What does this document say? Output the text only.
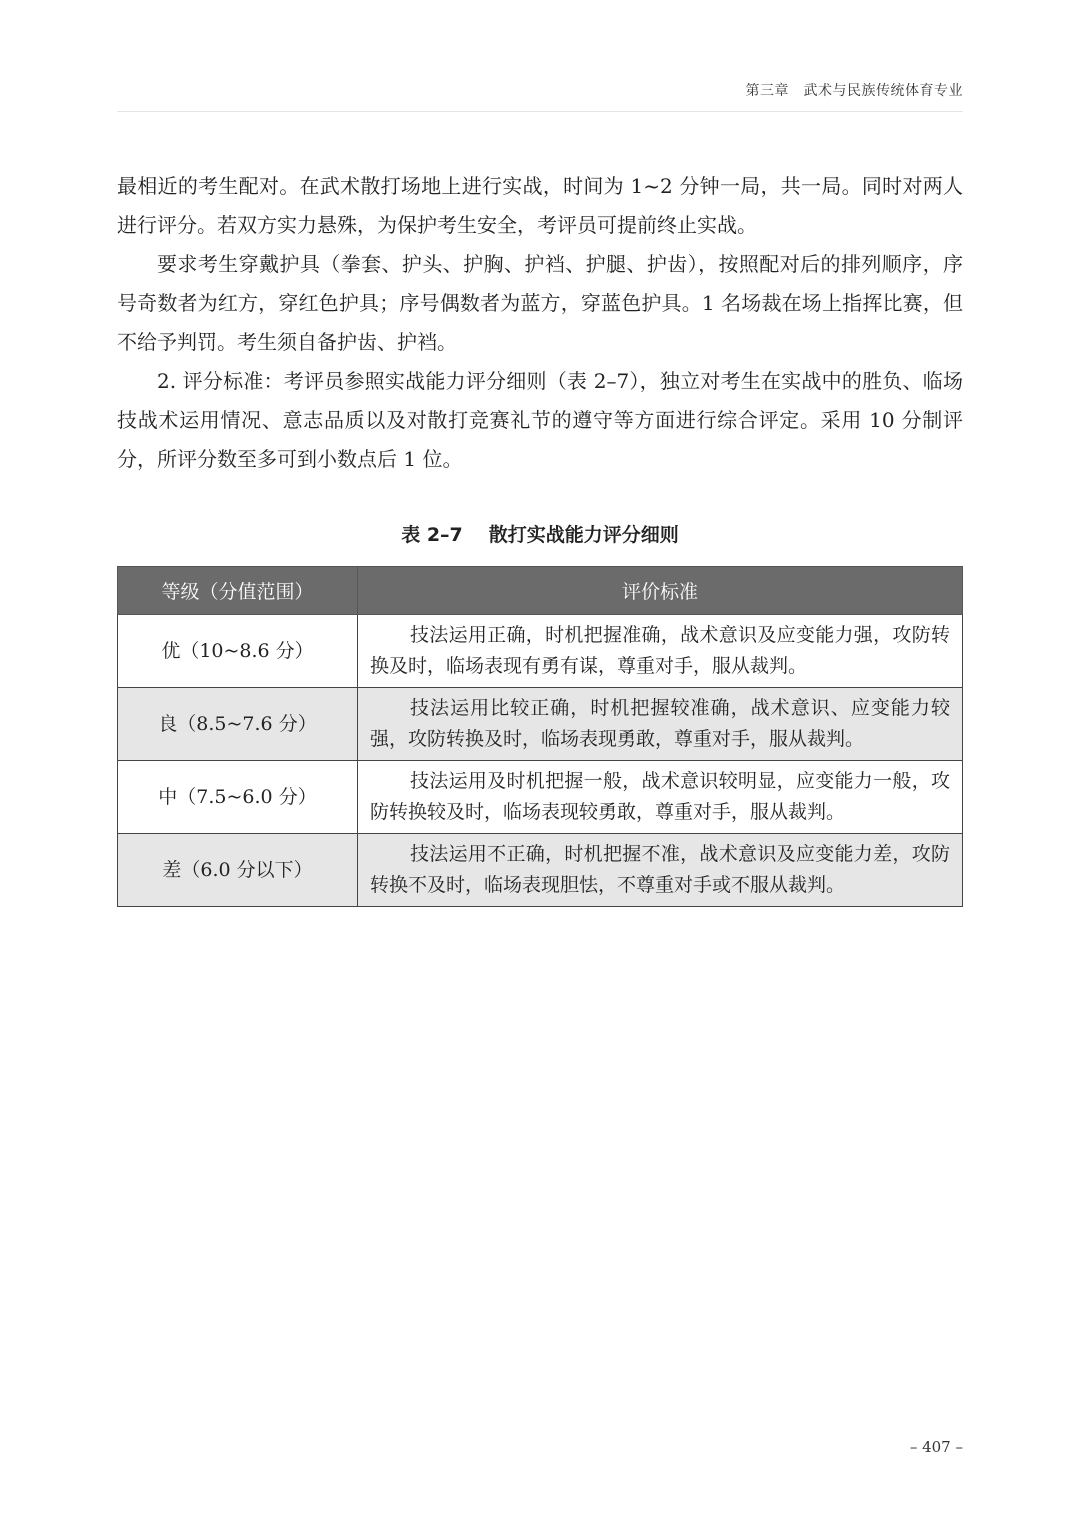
第三章　武术与民族传统体育专业

最相近的考生配对。在武术散打场地上进行实战，时间为 1~2 分钟一局，共一局。同时对两人进行评分。若双方实力悬殊，为保护考生安全，考评员可提前终止实战。

要求考生穿戴护具（拳套、护头、护胸、护裆、护腿、护齿），按照配对后的排列顺序，序号奇数者为红方，穿红色护具；序号偶数者为蓝方，穿蓝色护具。1 名场裁在场上指挥比赛，但不给予判罚。考生须自备护齿、护裆。

2. 评分标准：考评员参照实战能力评分细则（表 2–7），独立对考生在实战中的胜负、临场技战术运用情况、意志品质以及对散打竞赛礼节的遵守等方面进行综合评定。采用 10 分制评分，所评分数至多可到小数点后 1 位。

表 2–7 散打实战能力评分细则
等级（分值范围）	评价标准
优（10~8.6 分）	技法运用正确，时机把握准确，战术意识及应变能力强，攻防转换及时，临场表现有勇有谋，尊重对手，服从裁判。

良（8.5~7.6 分）	技法运用比较正确，时机把握较准确，战术意识、应变能力较强，攻防转换及时，临场表现勇敢，尊重对手，服从裁判。

中（7.5~6.0 分）	技法运用及时机把握一般，战术意识较明显，应变能力一般，攻防转换较及时，临场表现较勇敢，尊重对手，服从裁判。

差（6.0 分以下）	技法运用不正确，时机把握不准，战术意识及应变能力差，攻防转换不及时，临场表现胆怯，不尊重对手或不服从裁判。
– 407 –
